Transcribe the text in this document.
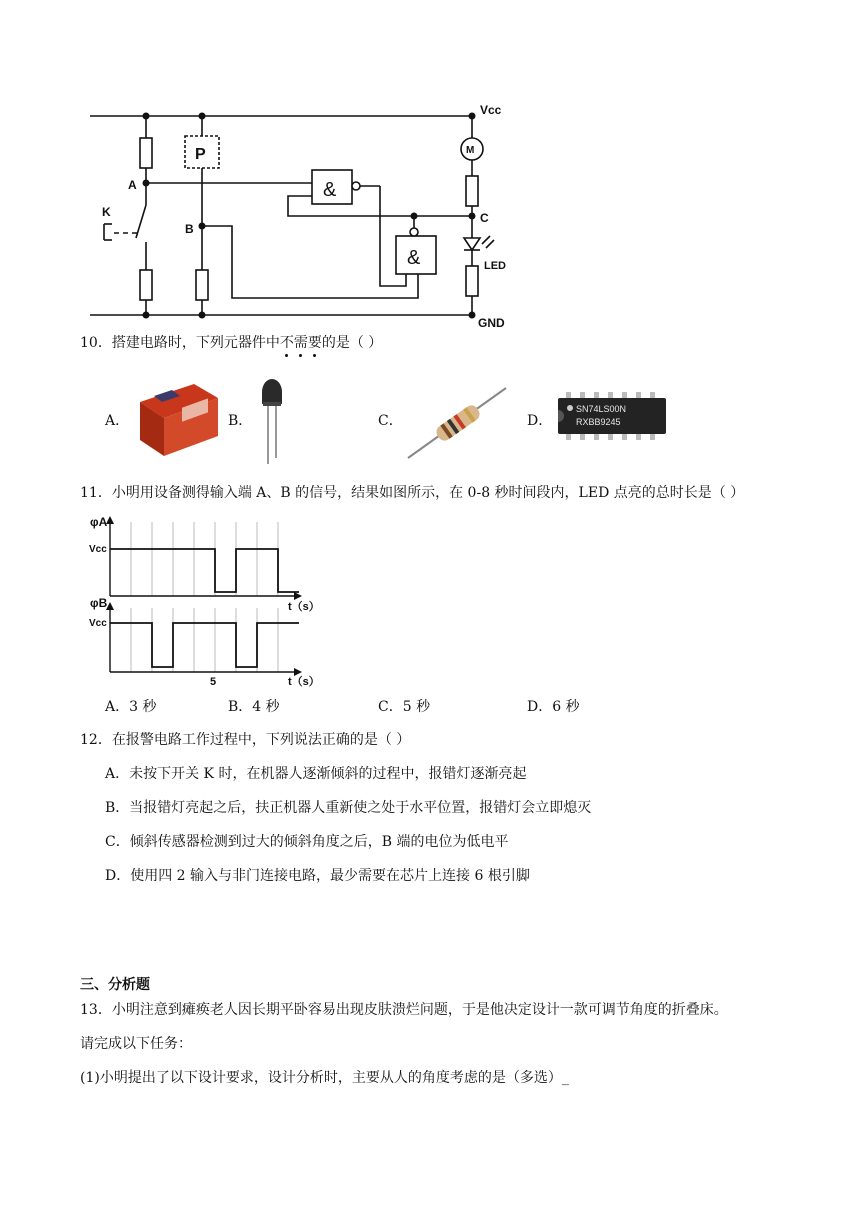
Vcc
GND
A
B
C
K
P	M
LED
&
&
10．搭建电路时，下列元器件中不
需
要
的是（ ）
A．	B．	C．	D．
SN74LS00N
RXBB9245
11．小明用设备测得输入端 A、B 的信号，结果如图所示，在 0-8 秒时间段内，LED 点亮的总时长是（ ）
φA
Vcc
t（s）
φB
Vcc
5	t（s）
A．3 秒	B．4 秒	C．5 秒	D．6 秒
12．在报警电路工作过程中，下列说法正确的是（ ）
A．未按下开关 K 时，在机器人逐渐倾斜的过程中，报错灯逐渐亮起
B．当报错灯亮起之后，扶正机器人重新使之处于水平位置，报错灯会立即熄灭
C．倾斜传感器检测到过大的倾斜角度之后，B 端的电位为低电平
D．使用四 2 输入与非门连接电路，最少需要在芯片上连接 6 根引脚
三、分析题
13．小明注意到瘫痪老人因长期平卧容易出现皮肤溃烂问题，于是他决定设计一款可调节角度的折叠床。
请完成以下任务：
(1)小明提出了以下设计要求，设计分析时，主要从人的角度考虑的是（多选）_
